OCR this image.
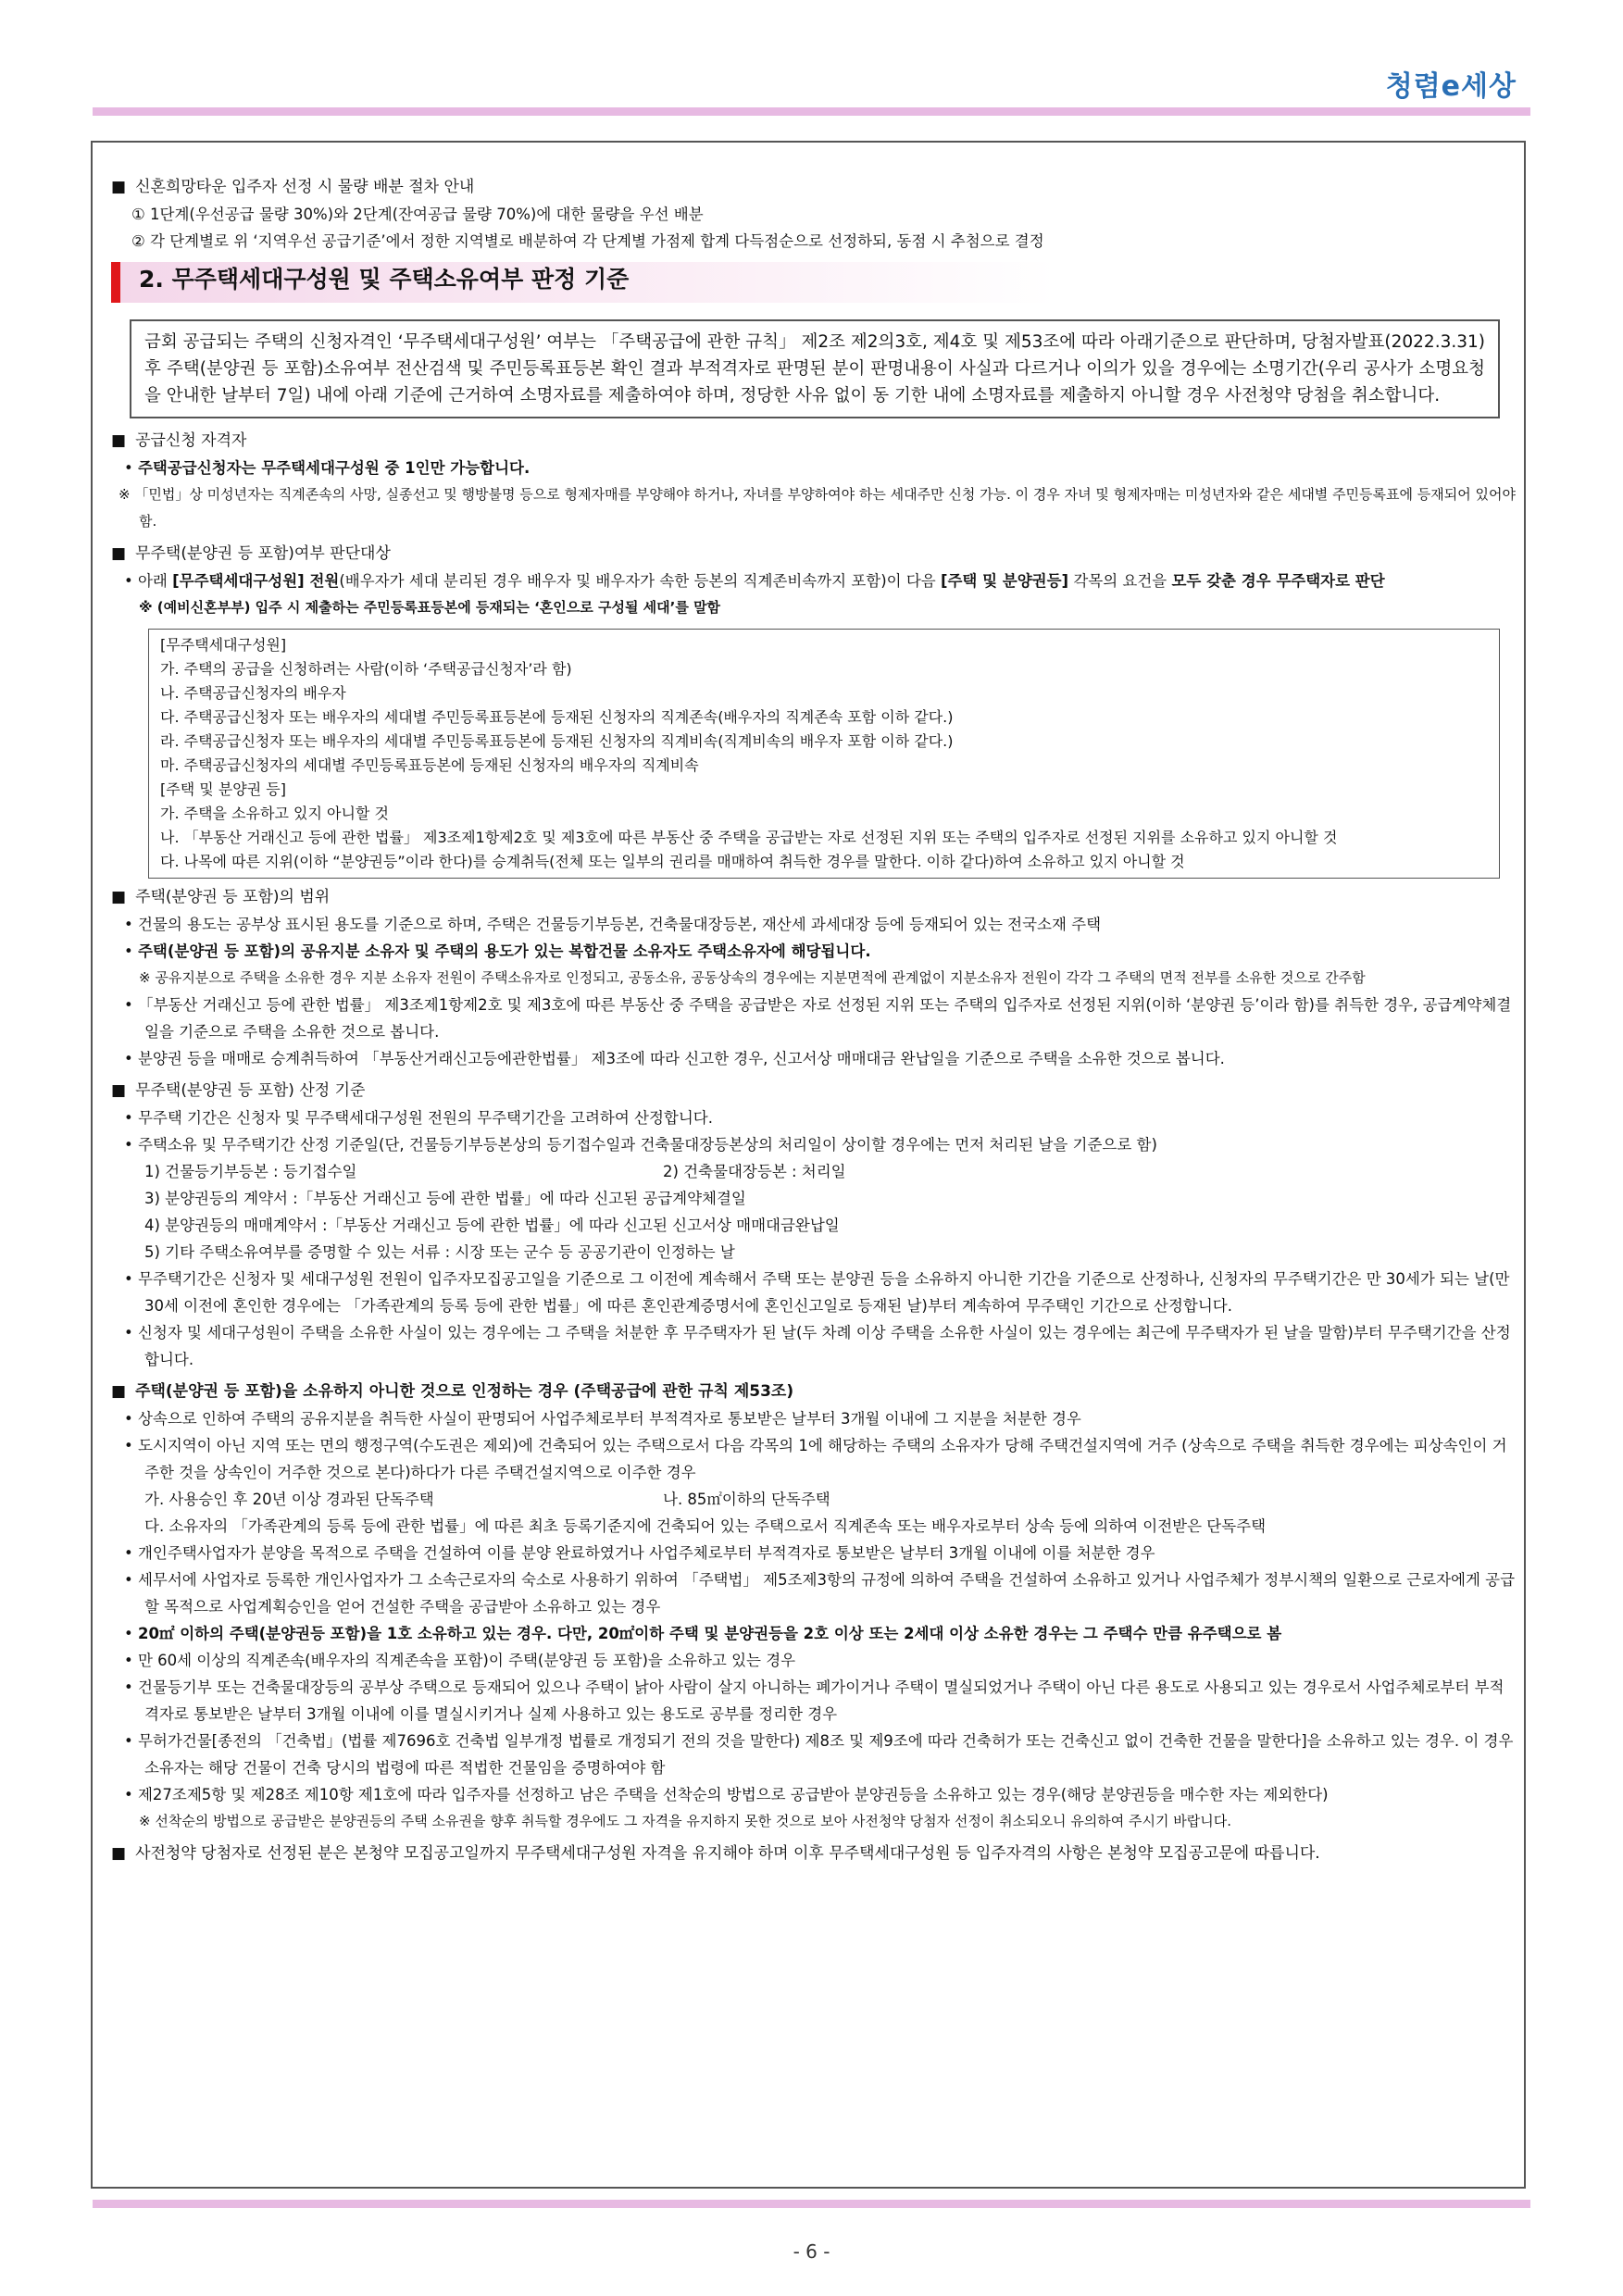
청렴e세상
■ 신혼희망타운 입주자 선정 시 물량 배분 절차 안내
① 1단계(우선공급 물량 30%)와 2단계(잔여공급 물량 70%)에 대한 물량을 우선 배분
② 각 단계별로 위 ‘지역우선 공급기준’에서 정한 지역별로 배분하여 각 단계별 가점제 합계 다득점순으로 선정하되, 동점 시 추첨으로 결정
2. 무주택세대구성원 및 주택소유여부 판정 기준
금회 공급되는 주택의 신청자격인 ‘무주택세대구성원’ 여부는 「주택공급에 관한 규칙」 제2조 제2의3호, 제4호 및 제53조에 따라 아래기준으로 판단하며, 당첨자발표(2022.3.31) 후 주택(분양권 등 포함)소유여부 전산검색 및 주민등록표등본 확인 결과 부적격자로 판명된 분이 판명내용이 사실과 다르거나 이의가 있을 경우에는 소명기간(우리 공사가 소명요청을 안내한 날부터 7일) 내에 아래 기준에 근거하여 소명자료를 제출하여야 하며, 정당한 사유 없이 동 기한 내에 소명자료를 제출하지 아니할 경우 사전청약 당첨을 취소합니다.
■ 공급신청 자격자
• 주택공급신청자는 무주택세대구성원 중 1인만 가능합니다.
※ 「민법」상 미성년자는 직계존속의 사망, 실종선고 및 행방불명 등으로 형제자매를 부양해야 하거나, 자녀를 부양하여야 하는 세대주만 신청 가능. 이 경우 자녀 및 형제자매는 미성년자와 같은 세대별 주민등록표에 등재되어 있어야 함.
■ 무주택(분양권 등 포함)여부 판단대상
• 아래 [무주택세대구성원] 전원(배우자가 세대 분리된 경우 배우자 및 배우자가 속한 등본의 직계존비속까지 포함)이 다음 [주택 및 분양권등] 각목의 요건을 모두 갖춘 경우 무주택자로 판단
※ (예비신혼부부) 입주 시 제출하는 주민등록표등본에 등재되는 ‘혼인으로 구성될 세대’를 말함
[무주택세대구성원]
가. 주택의 공급을 신청하려는 사람(이하 ‘주택공급신청자’라 함)
나. 주택공급신청자의 배우자
다. 주택공급신청자 또는 배우자의 세대별 주민등록표등본에 등재된 신청자의 직계존속(배우자의 직계존속 포함 이하 같다.)
라. 주택공급신청자 또는 배우자의 세대별 주민등록표등본에 등재된 신청자의 직계비속(직계비속의 배우자 포함 이하 같다.)
마. 주택공급신청자의 세대별 주민등록표등본에 등재된 신청자의 배우자의 직계비속
[주택 및 분양권 등]
가. 주택을 소유하고 있지 아니할 것
나. 「부동산 거래신고 등에 관한 법률」 제3조제1항제2호 및 제3호에 따른 부동산 중 주택을 공급받는 자로 선정된 지위 또는 주택의 입주자로 선정된 지위를 소유하고 있지 아니할 것
다. 나목에 따른 지위(이하 “분양권등”이라 한다)를 승계취득(전체 또는 일부의 권리를 매매하여 취득한 경우를 말한다. 이하 같다)하여 소유하고 있지 아니할 것
■ 주택(분양권 등 포함)의 범위
• 건물의 용도는 공부상 표시된 용도를 기준으로 하며, 주택은 건물등기부등본, 건축물대장등본, 재산세 과세대장 등에 등재되어 있는 전국소재 주택
• 주택(분양권 등 포함)의 공유지분 소유자 및 주택의 용도가 있는 복합건물 소유자도 주택소유자에 해당됩니다.
※ 공유지분으로 주택을 소유한 경우 지분 소유자 전원이 주택소유자로 인정되고, 공동소유, 공동상속의 경우에는 지분면적에 관계없이 지분소유자 전원이 각각 그 주택의 면적 전부를 소유한 것으로 간주함
• 「부동산 거래신고 등에 관한 법률」 제3조제1항제2호 및 제3호에 따른 부동산 중 주택을 공급받은 자로 선정된 지위 또는 주택의 입주자로 선정된 지위(이하 ‘분양권 등’이라 함)를 취득한 경우, 공급계약체결일을 기준으로 주택을 소유한 것으로 봅니다.
• 분양권 등을 매매로 승계취득하여 「부동산거래신고등에관한법률」 제3조에 따라 신고한 경우, 신고서상 매매대금 완납일을 기준으로 주택을 소유한 것으로 봅니다.
■ 무주택(분양권 등 포함) 산정 기준
• 무주택 기간은 신청자 및 무주택세대구성원 전원의 무주택기간을 고려하여 산정합니다.
• 주택소유 및 무주택기간 산정 기준일(단, 건물등기부등본상의 등기접수일과 건축물대장등본상의 처리일이 상이할 경우에는 먼저 처리된 날을 기준으로 함)
1) 건물등기부등본 : 등기접수일	2) 건축물대장등본 : 처리일
3) 분양권등의 계약서 :「부동산 거래신고 등에 관한 법률」에 따라 신고된 공급계약체결일
4) 분양권등의 매매계약서 :「부동산 거래신고 등에 관한 법률」에 따라 신고된 신고서상 매매대금완납일
5) 기타 주택소유여부를 증명할 수 있는 서류 : 시장 또는 군수 등 공공기관이 인정하는 날
• 무주택기간은 신청자 및 세대구성원 전원이 입주자모집공고일을 기준으로 그 이전에 계속해서 주택 또는 분양권 등을 소유하지 아니한 기간을 기준으로 산정하나, 신청자의 무주택기간은 만 30세가 되는 날(만30세 이전에 혼인한 경우에는 「가족관계의 등록 등에 관한 법률」에 따른 혼인관계증명서에 혼인신고일로 등재된 날)부터 계속하여 무주택인 기간으로 산정합니다.
• 신청자 및 세대구성원이 주택을 소유한 사실이 있는 경우에는 그 주택을 처분한 후 무주택자가 된 날(두 차례 이상 주택을 소유한 사실이 있는 경우에는 최근에 무주택자가 된 날을 말함)부터 무주택기간을 산정합니다.
■ 주택(분양권 등 포함)을 소유하지 아니한 것으로 인정하는 경우 (주택공급에 관한 규칙 제53조)
• 상속으로 인하여 주택의 공유지분을 취득한 사실이 판명되어 사업주체로부터 부적격자로 통보받은 날부터 3개월 이내에 그 지분을 처분한 경우
• 도시지역이 아닌 지역 또는 면의 행정구역(수도권은 제외)에 건축되어 있는 주택으로서 다음 각목의 1에 해당하는 주택의 소유자가 당해 주택건설지역에 거주 (상속으로 주택을 취득한 경우에는 피상속인이 거주한 것을 상속인이 거주한 것으로 본다)하다가 다른 주택건설지역으로 이주한 경우
가. 사용승인 후 20년 이상 경과된 단독주택	나. 85㎡이하의 단독주택
다. 소유자의 「가족관계의 등록 등에 관한 법률」에 따른 최초 등록기준지에 건축되어 있는 주택으로서 직계존속 또는 배우자로부터 상속 등에 의하여 이전받은 단독주택
• 개인주택사업자가 분양을 목적으로 주택을 건설하여 이를 분양 완료하였거나 사업주체로부터 부적격자로 통보받은 날부터 3개월 이내에 이를 처분한 경우
• 세무서에 사업자로 등록한 개인사업자가 그 소속근로자의 숙소로 사용하기 위하여 「주택법」 제5조제3항의 규정에 의하여 주택을 건설하여 소유하고 있거나 사업주체가 정부시책의 일환으로 근로자에게 공급할 목적으로 사업계획승인을 얻어 건설한 주택을 공급받아 소유하고 있는 경우
• 20㎡ 이하의 주택(분양권등 포함)을 1호 소유하고 있는 경우. 다만, 20㎡이하 주택 및 분양권등을 2호 이상 또는 2세대 이상 소유한 경우는 그 주택수 만큼 유주택으로 봄
• 만 60세 이상의 직계존속(배우자의 직계존속을 포함)이 주택(분양권 등 포함)을 소유하고 있는 경우
• 건물등기부 또는 건축물대장등의 공부상 주택으로 등재되어 있으나 주택이 낡아 사람이 살지 아니하는 폐가이거나 주택이 멸실되었거나 주택이 아닌 다른 용도로 사용되고 있는 경우로서 사업주체로부터 부적격자로 통보받은 날부터 3개월 이내에 이를 멸실시키거나 실제 사용하고 있는 용도로 공부를 정리한 경우
• 무허가건물[종전의 「건축법」(법률 제7696호 건축법 일부개정 법률로 개정되기 전의 것을 말한다) 제8조 및 제9조에 따라 건축허가 또는 건축신고 없이 건축한 건물을 말한다]을 소유하고 있는 경우. 이 경우 소유자는 해당 건물이 건축 당시의 법령에 따른 적법한 건물임을 증명하여야 함
• 제27조제5항 및 제28조 제10항 제1호에 따라 입주자를 선정하고 남은 주택을 선착순의 방법으로 공급받아 분양권등을 소유하고 있는 경우(해당 분양권등을 매수한 자는 제외한다)
※ 선착순의 방법으로 공급받은 분양권등의 주택 소유권을 향후 취득할 경우에도 그 자격을 유지하지 못한 것으로 보아 사전청약 당첨자 선정이 취소되오니 유의하여 주시기 바랍니다.
■ 사전청약 당첨자로 선정된 분은 본청약 모집공고일까지 무주택세대구성원 자격을 유지해야 하며 이후 무주택세대구성원 등 입주자격의 사항은 본청약 모집공고문에 따릅니다.
- 6 -
